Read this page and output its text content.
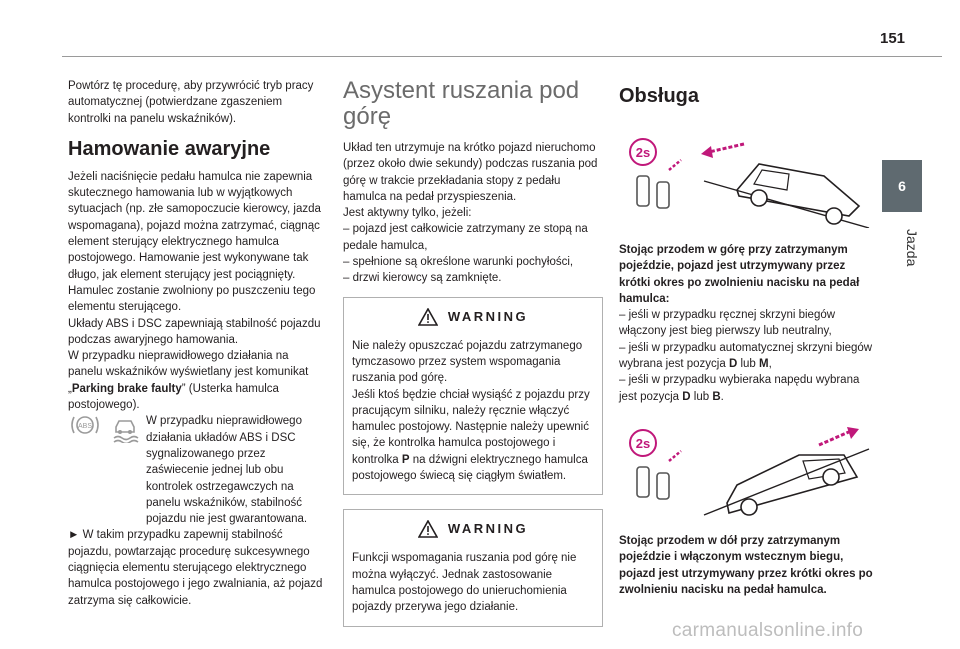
151
6
Jazda

Powtórz tę procedurę, aby przywrócić tryb pracy automatycznej (potwierdzane zgaszeniem kontrolki na panelu wskaźników).

Hamowanie awaryjne

Jeżeli naciśnięcie pedału hamulca nie zapewnia skutecznego hamowania lub w wyjątkowych sytuacjach (np. złe samopoczucie kierowcy, jazda wspomagana), pojazd można zatrzymać, ciągnąc element sterujący elektrycznego hamulca postojowego. Hamowanie jest wykonywane tak długo, jak element sterujący jest pociągnięty. Hamulec zostanie zwolniony po puszczeniu tego elementu sterującego.

Układy ABS i DSC zapewniają stabilność pojazdu podczas awaryjnego hamowania.

W przypadku nieprawidłowego działania na panelu wskaźników wyświetlany jest komunikat „Parking brake faulty” (Usterka hamulca postojowego).

ABS	W przypadku nieprawidłowego działania układów ABS i DSC sygnalizowanego przez zaświecenie jednej lub obu kontrolek ostrzegawczych na panelu wskaźników, stabilność pojazdu nie jest gwarantowana.

► W takim przypadku zapewnij stabilność pojazdu, powtarzając procedurę sukcesywnego ciągnięcia elementu sterującego elektrycznego hamulca postojowego i jego zwalniania, aż pojazd zatrzyma się całkowicie.

Asystent ruszania pod górę

Układ ten utrzymuje na krótko pojazd nieruchomo (przez około dwie sekundy) podczas ruszania pod górę w trakcie przekładania stopy z pedału hamulca na pedał przyspieszenia.

Jest aktywny tylko, jeżeli:

– pojazd jest całkowicie zatrzymany ze stopą na pedale hamulca,

– spełnione są określone warunki pochyłości,

– drzwi kierowcy są zamknięte.

WARNING

Nie należy opuszczać pojazdu zatrzymanego tymczasowo przez system wspomagania ruszania pod górę.

Jeśli ktoś będzie chciał wysiąść z pojazdu przy pracującym silniku, należy ręcznie włączyć hamulec postojowy. Następnie należy upewnić się, że kontrolka hamulca postojowego i kontrolka P na dźwigni elektrycznego hamulca postojowego świecą się ciągłym światłem.

WARNING

Funkcji wspomagania ruszania pod górę nie można wyłączyć. Jednak zastosowanie hamulca postojowego do unieruchomienia pojazdy przerywa jego działanie.

Obsługa
2s

Stojąc przodem w górę przy zatrzymanym pojeździe, pojazd jest utrzymywany przez krótki okres po zwolnieniu nacisku na pedał hamulca:

– jeśli w przypadku ręcznej skrzyni biegów włączony jest bieg pierwszy lub neutralny,

– jeśli w przypadku automatycznej skrzyni biegów wybrana jest pozycja D lub M,

– jeśli w przypadku wybieraka napędu wybrana jest pozycja D lub B.

2s

Stojąc przodem w dół przy zatrzymanym pojeździe i włączonym wstecznym biegu, pojazd jest utrzymywany przez krótki okres po zwolnieniu nacisku na pedał hamulca.

carmanualsonline.info
